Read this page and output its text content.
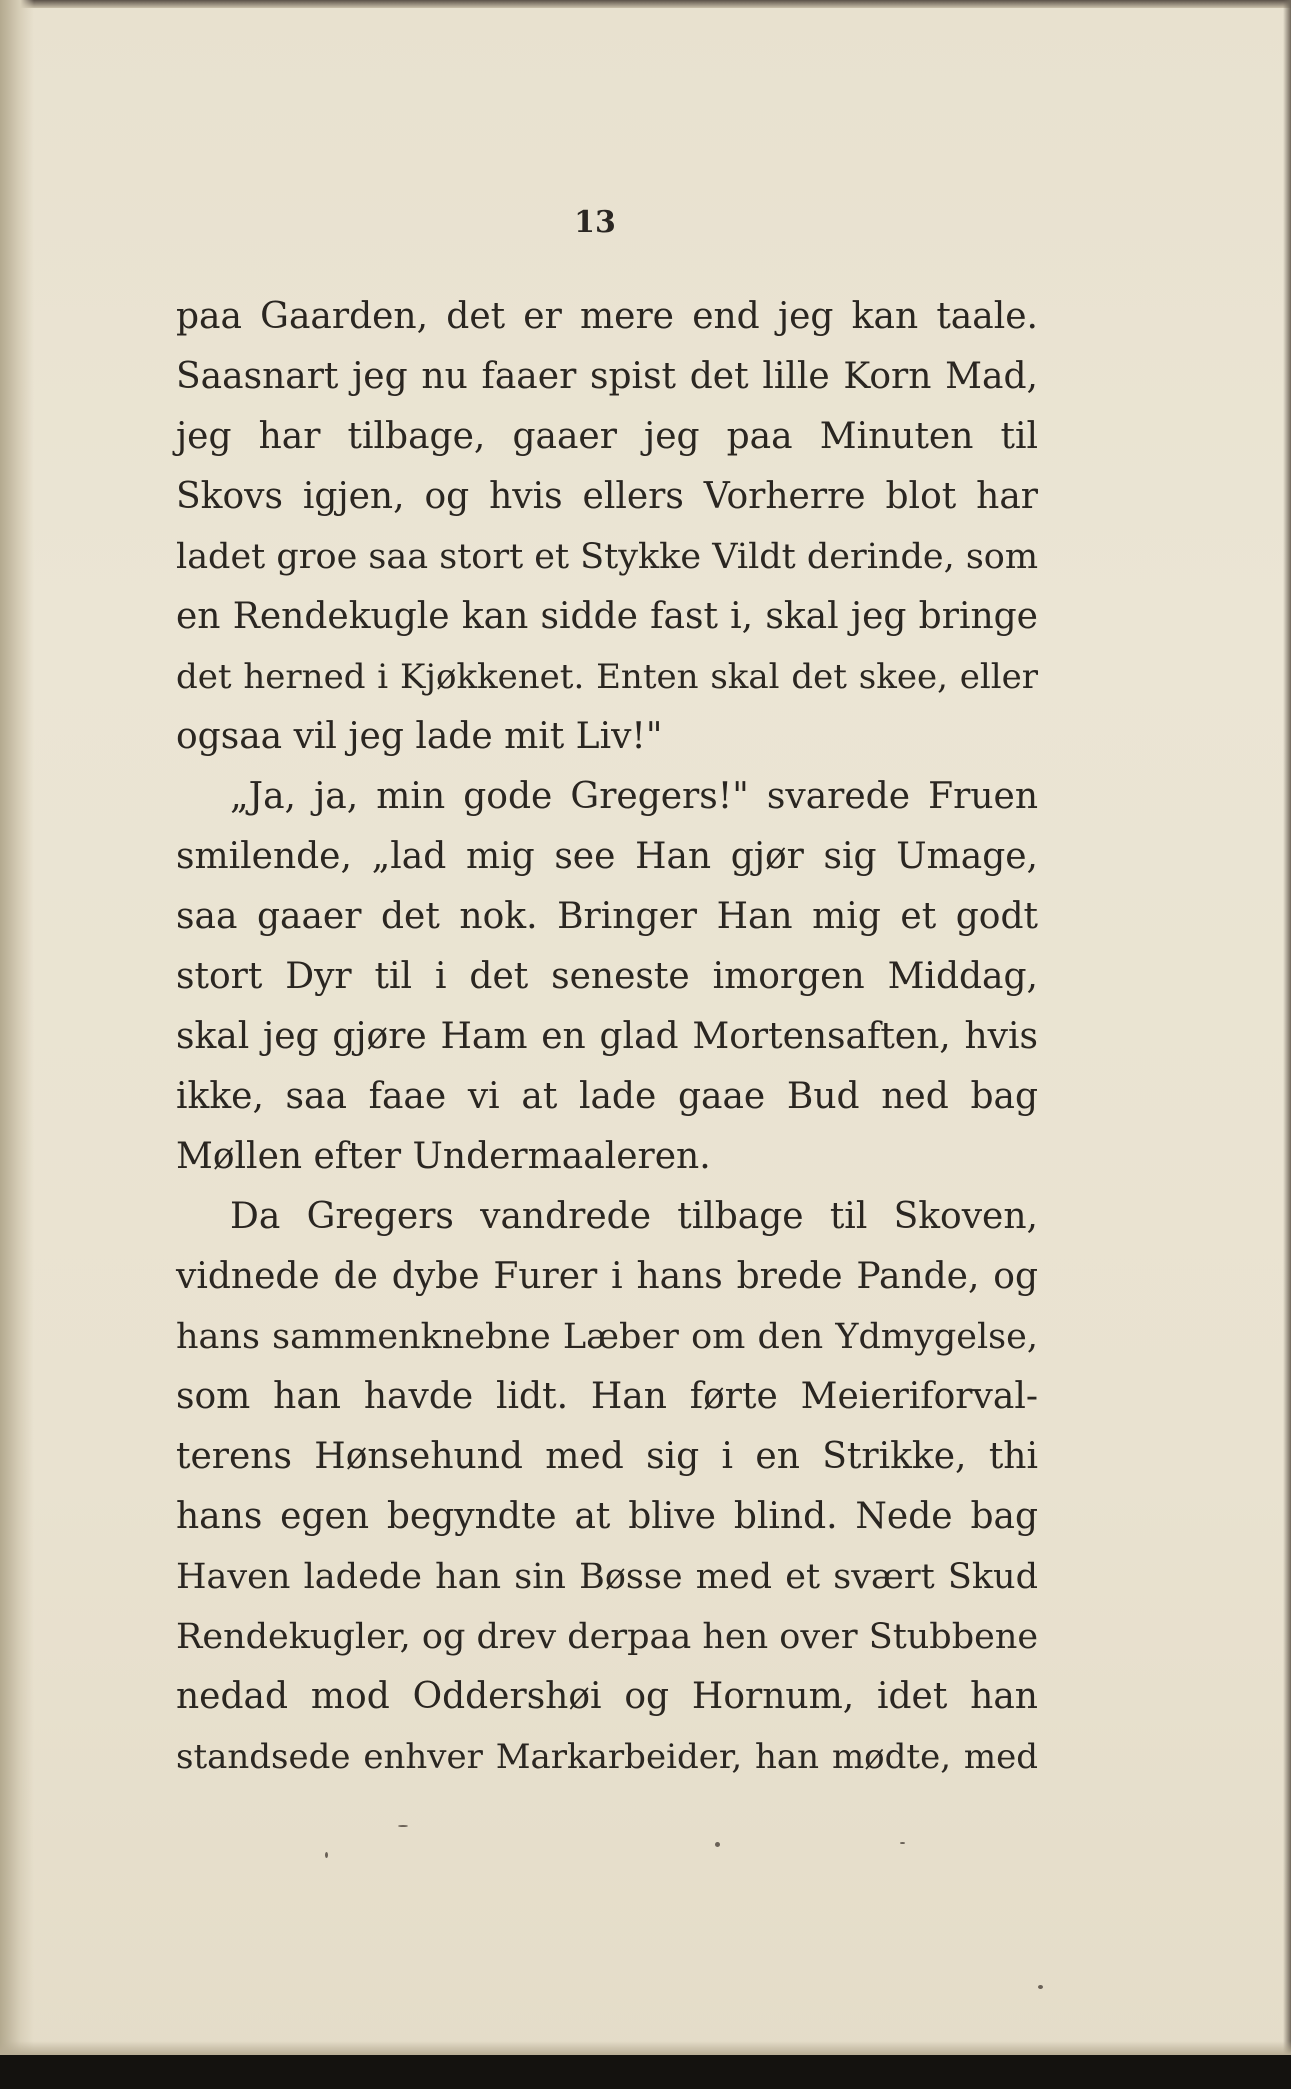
13
paa Gaarden, det er mere end jeg kan taale.
Saasnart jeg nu faaer spist det lille Korn Mad,
jeg har tilbage, gaaer jeg paa Minuten til
Skovs igjen, og hvis ellers Vorherre blot har
ladet groe saa stort et Stykke Vildt derinde, som
en Rendekugle kan sidde fast i, skal jeg bringe
det herned i Kjøkkenet. Enten skal det skee, eller
ogsaa vil jeg lade mit Liv!"
„Ja, ja, min gode Gregers!" svarede Fruen
smilende, „lad mig see Han gjør sig Umage,
saa gaaer det nok. Bringer Han mig et godt
stort Dyr til i det seneste imorgen Middag,
skal jeg gjøre Ham en glad Mortensaften, hvis
ikke, saa faae vi at lade gaae Bud ned bag
Møllen efter Undermaaleren.
Da Gregers vandrede tilbage til Skoven,
vidnede de dybe Furer i hans brede Pande, og
hans sammenknebne Læber om den Ydmygelse,
som han havde lidt. Han førte Meieriforval-
terens Hønsehund med sig i en Strikke, thi
hans egen begyndte at blive blind. Nede bag
Haven ladede han sin Bøsse med et svært Skud
Rendekugler, og drev derpaa hen over Stubbene
nedad mod Oddershøi og Hornum, idet han
standsede enhver Markarbeider, han mødte, med
